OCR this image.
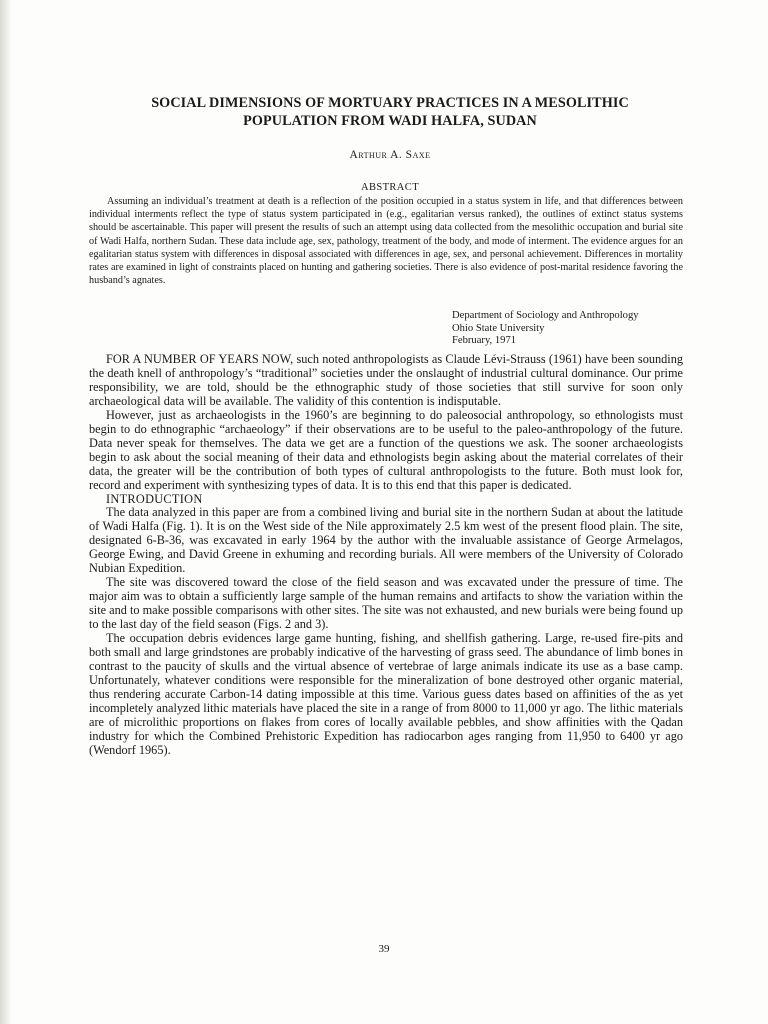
SOCIAL DIMENSIONS OF MORTUARY PRACTICES IN A MESOLITHIC
POPULATION FROM WADI HALFA, SUDAN

Arthur A. Saxe

ABSTRACT

Assuming an individual’s treatment at death is a reflection of the position occupied in a status system in life, and that differences between individual interments reflect the type of status system participated in (e.g., egalitarian versus ranked), the outlines of extinct status systems should be ascertainable. This paper will present the results of such an attempt using data collected from the mesolithic occupation and burial site of Wadi Halfa, northern Sudan. These data include age, sex, pathology, treatment of the body, and mode of interment. The evidence argues for an egalitarian status system with differences in disposal associated with differences in age, sex, and personal achievement. Differences in mortality rates are examined in light of constraints placed on hunting and gathering societies. There is also evidence of post-marital residence favoring the husband’s agnates.

Department of Sociology and Anthropology
Ohio State University
February, 1971

FOR A NUMBER OF YEARS NOW, such noted anthropologists as Claude Lévi-Strauss (1961) have been sounding the death knell of anthropology’s “traditional” societies under the onslaught of industrial cultural dominance. Our prime responsibility, we are told, should be the ethnographic study of those societies that still survive for soon only archaeological data will be available. The validity of this contention is indisputable.

However, just as archaeologists in the 1960’s are beginning to do paleosocial anthropology, so ethnologists must begin to do ethnographic “archaeology” if their observations are to be useful to the paleo-anthropology of the future. Data never speak for themselves. The data we get are a function of the questions we ask. The sooner archaeologists begin to ask about the social meaning of their data and ethnologists begin asking about the material correlates of their data, the greater will be the contribution of both types of cultural anthropologists to the future. Both must look for, record and experiment with synthesizing types of data. It is to this end that this paper is dedicated.

INTRODUCTION

The data analyzed in this paper are from a combined living and burial site in the northern Sudan at about the latitude of Wadi Halfa (Fig. 1). It is on the West side of the Nile approximately 2.5 km west of the present flood plain. The site, designated 6-B-36, was excavated in early 1964 by the author with the invaluable assistance of George Armelagos, George Ewing, and David Greene in exhuming and recording burials. All were members of the University of Colorado Nubian Expedition.

The site was discovered toward the close of the field season and was excavated under the pressure of time. The major aim was to obtain a sufficiently large sample of the human remains and artifacts to show the variation within the site and to make possible comparisons with other sites. The site was not exhausted, and new burials were being found up to the last day of the field season (Figs. 2 and 3).

The occupation debris evidences large game hunting, fishing, and shellfish gathering. Large, re-used fire-pits and both small and large grindstones are probably indicative of the harvesting of grass seed. The abundance of limb bones in contrast to the paucity of skulls and the virtual absence of vertebrae of large animals indicate its use as a base camp. Unfortunately, whatever conditions were responsible for the mineralization of bone destroyed other organic material, thus rendering accurate Carbon-14 dating impossible at this time. Various guess dates based on affinities of the as yet incompletely analyzed lithic materials have placed the site in a range of from 8000 to 11,000 yr ago. The lithic materials are of microlithic proportions on flakes from cores of locally available pebbles, and show affinities with the Qadan industry for which the Combined Prehistoric Expedition has radiocarbon ages ranging from 11,950 to 6400 yr ago (Wendorf 1965).

39
